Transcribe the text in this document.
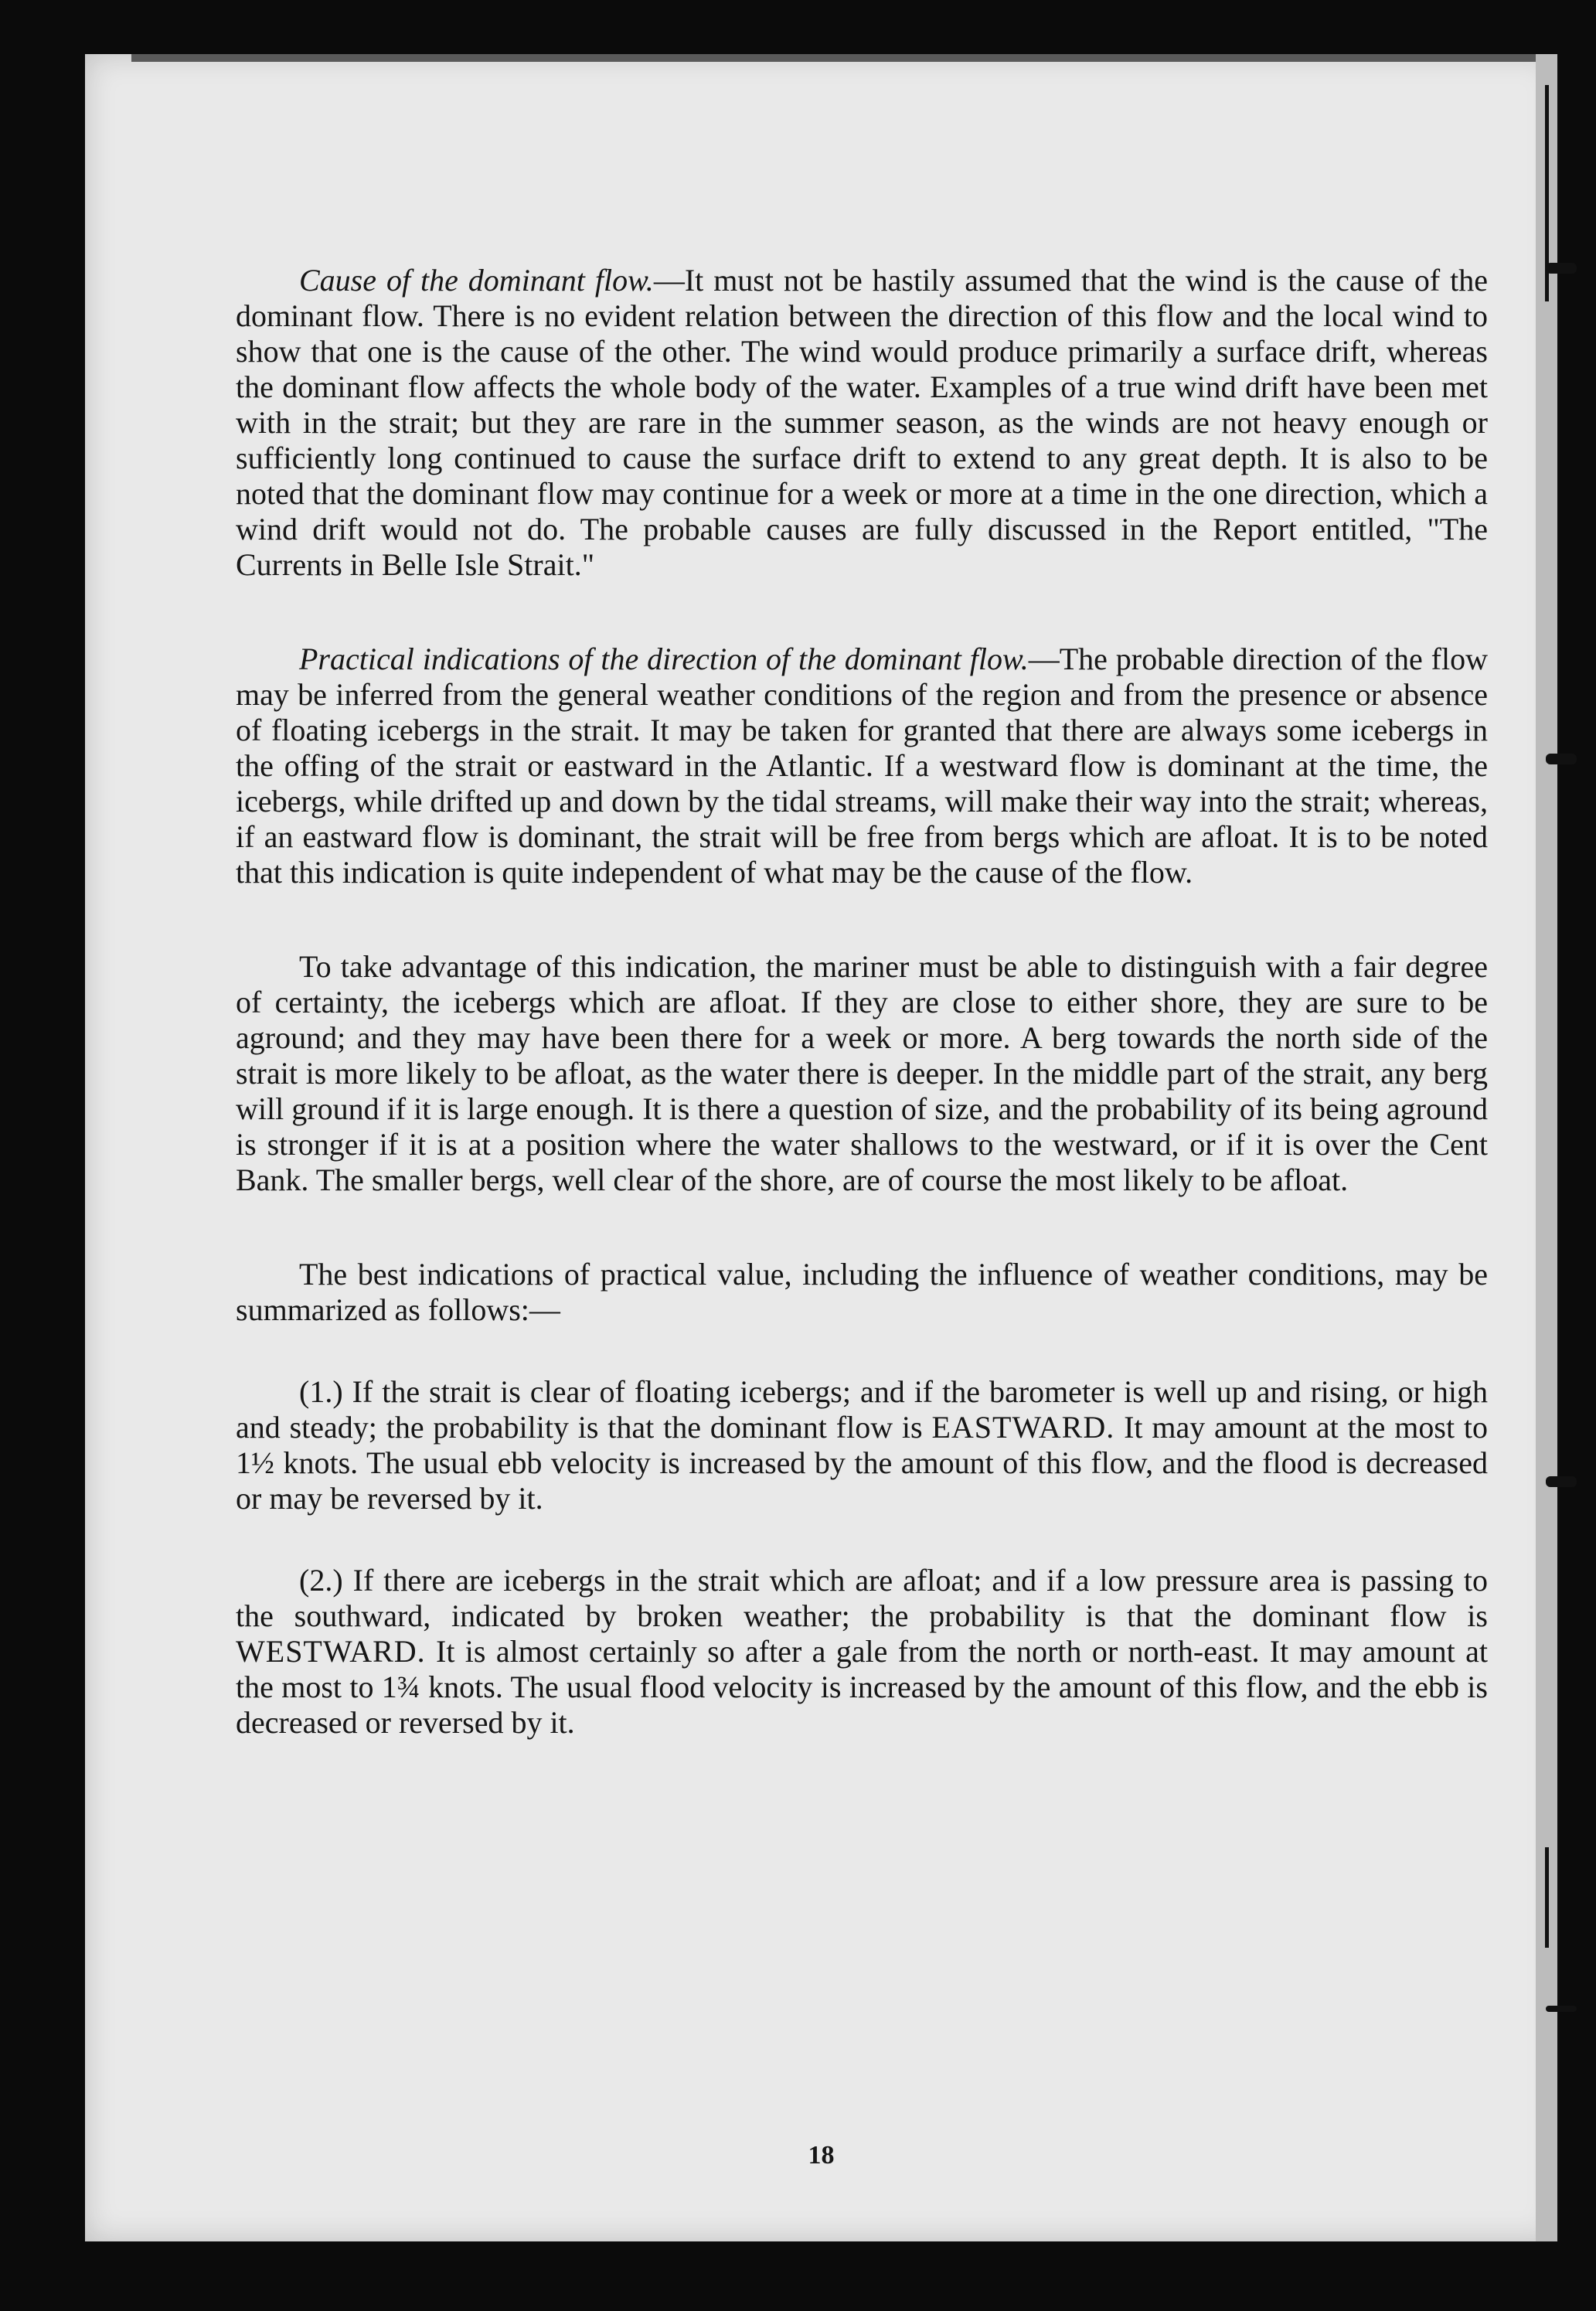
Cause of the dominant flow.—It must not be hastily assumed that the wind is the cause of the dominant flow. There is no evident relation between the direction of this flow and the local wind to show that one is the cause of the other. The wind would produce primarily a surface drift, whereas the dominant flow affects the whole body of the water. Examples of a true wind drift have been met with in the strait; but they are rare in the summer season, as the winds are not heavy enough or sufficiently long continued to cause the surface drift to extend to any great depth. It is also to be noted that the dominant flow may continue for a week or more at a time in the one direction, which a wind drift would not do. The probable causes are fully discussed in the Report entitled, "The Currents in Belle Isle Strait."

Practical indications of the direction of the dominant flow.—The probable direction of the flow may be inferred from the general weather conditions of the region and from the presence or absence of floating icebergs in the strait. It may be taken for granted that there are always some icebergs in the offing of the strait or eastward in the Atlantic. If a westward flow is dominant at the time, the icebergs, while drifted up and down by the tidal streams, will make their way into the strait; whereas, if an eastward flow is dominant, the strait will be free from bergs which are afloat. It is to be noted that this indication is quite independent of what may be the cause of the flow.

To take advantage of this indication, the mariner must be able to distinguish with a fair degree of certainty, the icebergs which are afloat. If they are close to either shore, they are sure to be aground; and they may have been there for a week or more. A berg towards the north side of the strait is more likely to be afloat, as the water there is deeper. In the middle part of the strait, any berg will ground if it is large enough. It is there a question of size, and the probability of its being aground is stronger if it is at a position where the water shallows to the westward, or if it is over the Cent Bank. The smaller bergs, well clear of the shore, are of course the most likely to be afloat.

The best indications of practical value, including the influence of weather conditions, may be summarized as follows:—

(1.) If the strait is clear of floating icebergs; and if the barometer is well up and rising, or high and steady; the probability is that the dominant flow is EASTWARD. It may amount at the most to 1½ knots. The usual ebb velocity is increased by the amount of this flow, and the flood is decreased or may be reversed by it.

(2.) If there are icebergs in the strait which are afloat; and if a low pressure area is passing to the southward, indicated by broken weather; the probability is that the dominant flow is WESTWARD. It is almost certainly so after a gale from the north or north-east. It may amount at the most to 1¾ knots. The usual flood velocity is increased by the amount of this flow, and the ebb is decreased or reversed by it.

18
